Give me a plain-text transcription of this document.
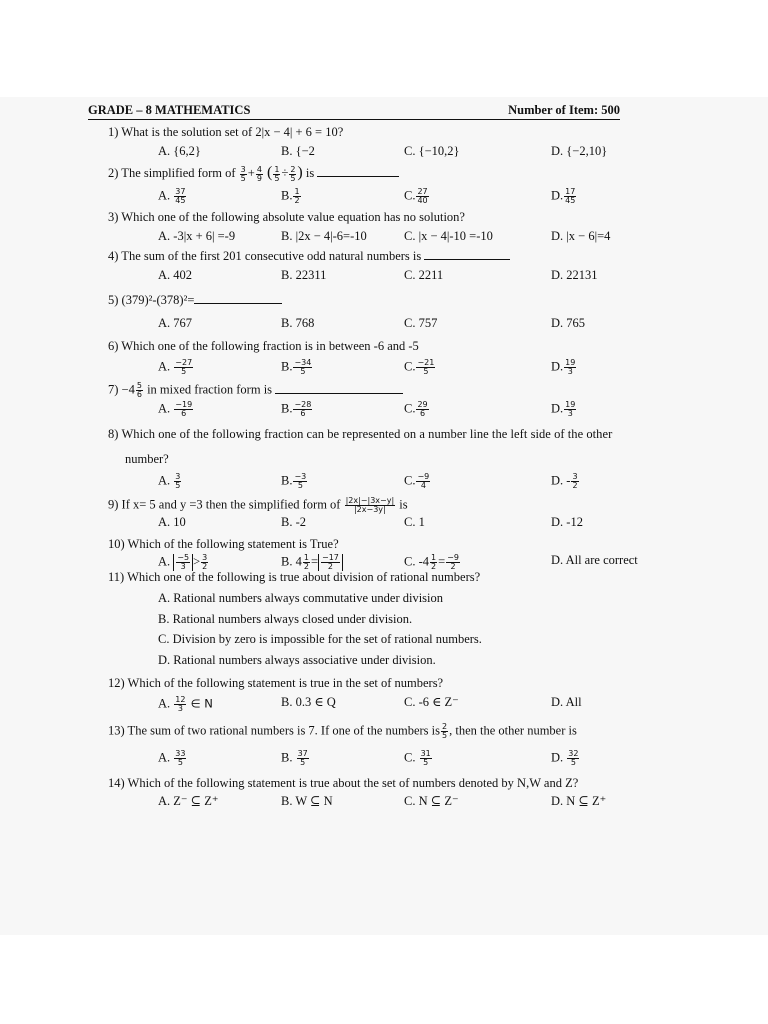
GRADE – 8 MATHEMATICS	Number of Item: 500
1) What is the solution set of 2|x − 4| + 6 = 10?
A. {6,2}	B. {−2	C. {−10,2}	D. {−2,10}
2) The simplified form of $\frac{3}{5} + \frac{4}{9}$ ( $\frac{1}{5} \div \frac{2}{5}$ ) is
A. $\frac{37}{45}$	B. $\frac{1}{2}$	C. $\frac{27}{40}$	D. $\frac{17}{45}$
3) Which one of the following absolute value equation has no solution?
A. -3|x + 6| =-9	B. |2x − 4|-6=-10	C. |x − 4|-10 =-10	D. |x − 6|=4
4) The sum of the first 201 consecutive odd natural numbers is
A. 402	B. 22311	C. 2211	D. 22131
5) (379)²-(378)²=
A. 767	B. 768	C. 757	D. 765
6) Which one of the following fraction is in between -6 and -5
A. $\frac{-27}{5}$	B. $\frac{-34}{5}$	C. $\frac{-21}{5}$	D. $\frac{19}{3}$
$7) -4 \frac{5}{6}$ in mixed fraction form is
A. $\frac{-19}{6}$	B. $\frac{-28}{6}$	C. $\frac{29}{6}$	D. $\frac{19}{3}$
8) Which one of the following fraction can be represented on a number line the left side of the other
number?
A. $\frac{3}{5}$	B. $\frac{-3}{5}$	C. $\frac{-9}{4}$	D. - $\frac{3}{2}$
9) If x= 5 and y =3 then the simplified form of $\frac{|2x|-|3x-y|}{|2x-3y|}$ is
A. 10	B. -2	C. 1	D. -12
10) Which of the following statement is True?
A. $\frac{-5}{3} > \frac{3}{2}$	B. $4 \frac{1}{2} = \frac{-17}{2}$	C. $-4 \frac{1}{2} = \frac{-9}{2}$	D. All are correct
11) Which one of the following is true about division of rational numbers?
A. Rational numbers always commutative under division
B. Rational numbers always closed under division.
C. Division by zero is impossible for the set of rational numbers.
D. Rational numbers always associative under division.
12) Which of the following statement is true in the set of numbers?
A. $\frac{12}{3}$ ∈ N	B. 0.3 ∈ Q	C. -6 ∈ Z⁻	D. All
13) The sum of two rational numbers is 7. If one of the numbers is $\frac{2}{5}$ , then the other number is
A. $\frac{33}{5}$	B. $\frac{37}{5}$	C. $\frac{31}{5}$	D. $\frac{32}{5}$
14) Which of the following statement is true about the set of numbers denoted by N,W and Z?
A. Z⁻ ⊆ Z⁺	B. W ⊆ N	C. N ⊆ Z⁻	D. N ⊆ Z⁺
